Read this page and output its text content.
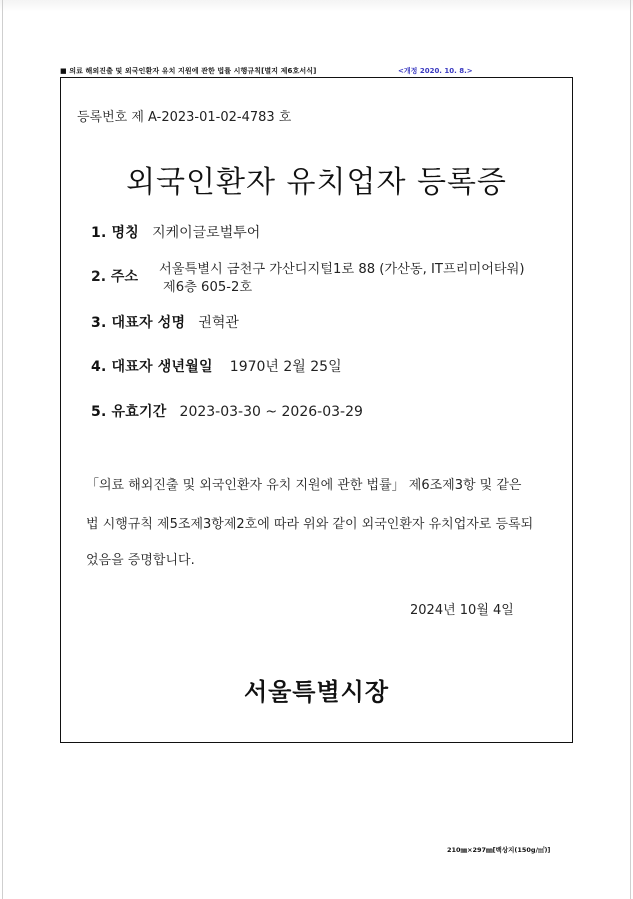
■ 의료 해외진출 및 외국인환자 유치 지원에 관한 법률 시행규칙[별지 제6호서식]	<개정 2020. 10. 8.>
등록번호 제 A-2023-01-02-4783 호
외국인환자 유치업자 등록증
1. 명칭 지케이글로벌투어
2. 주소 서울특별시 금천구 가산디지털1로 88 (가산동, IT프리미어타워)
제6층 605-2호
3. 대표자 성명 권혁관
4. 대표자 생년월일 1970년 2월 25일
5. 유효기간 2023-03-30 ~ 2026-03-29
「의료 해외진출 및 외국인환자 유치 지원에 관한 법률」 제6조제3항 및 같은
법 시행규칙 제5조제3항제2호에 따라 위와 같이 외국인환자 유치업자로 등록되
었음을 증명합니다.
2024년 10월 4일
서울특별시장
210㎜×297㎜[백상지(150g/㎡)]
